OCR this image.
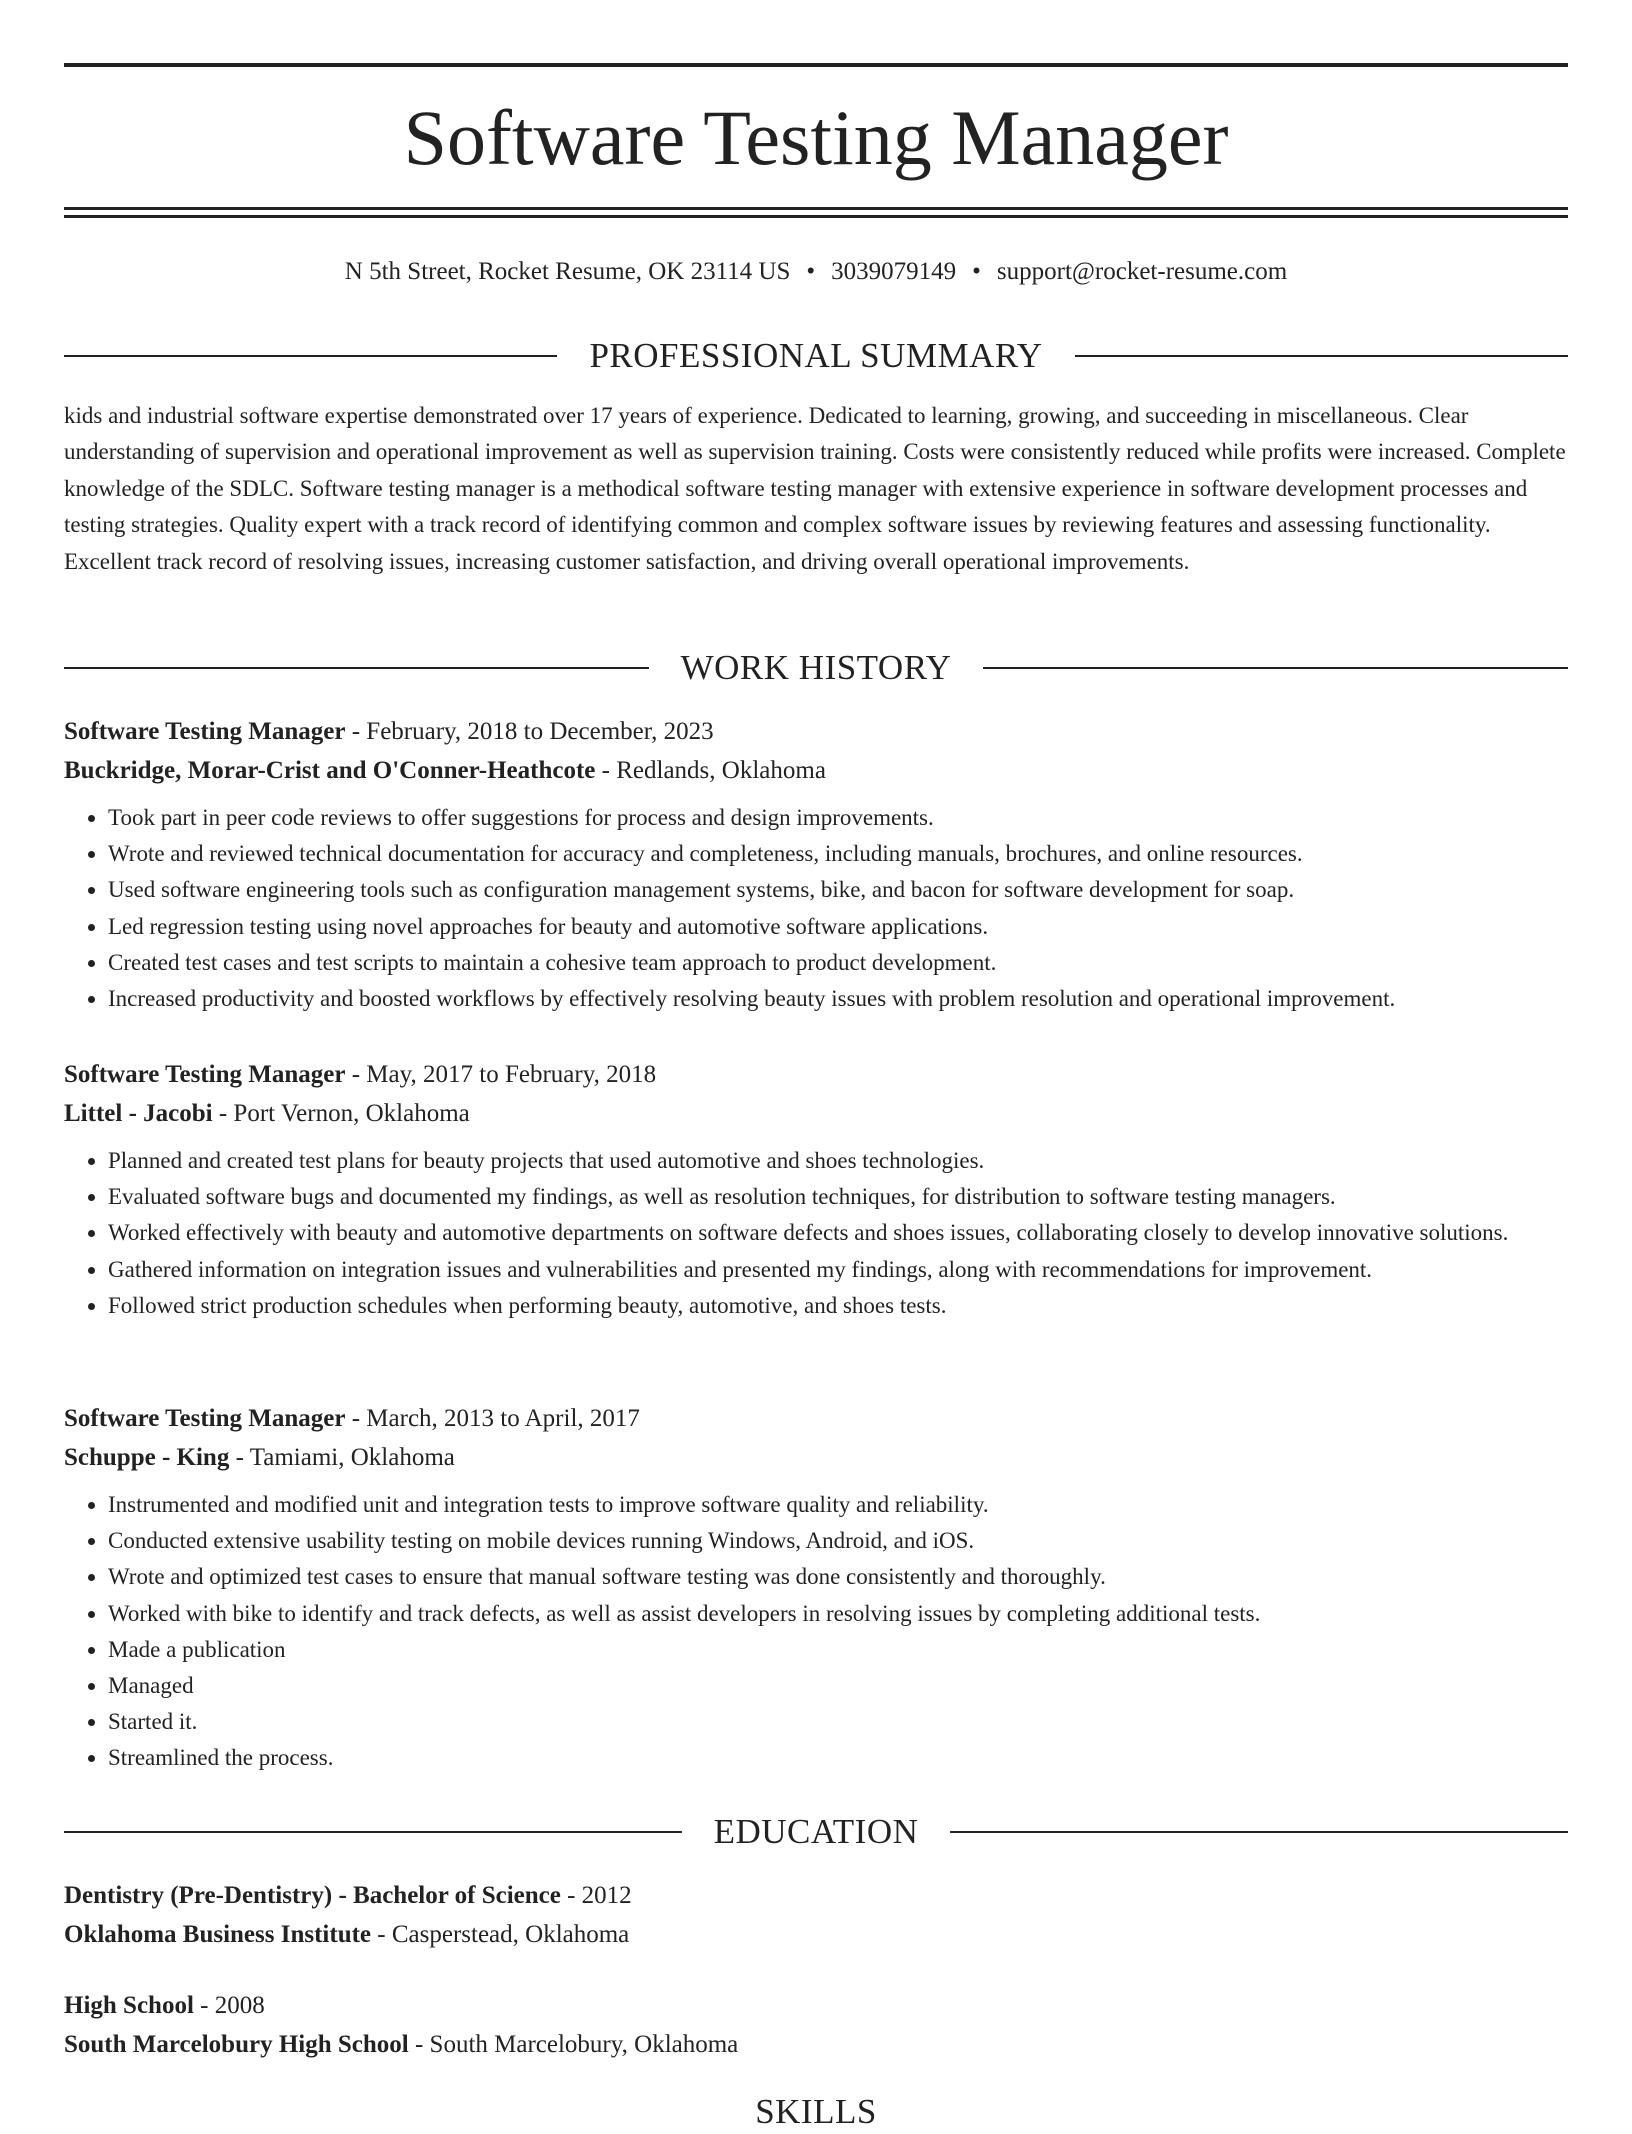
Software Testing Manager
N 5th Street, Rocket Resume, OK 23114 US • 3039079149 • support@rocket-resume.com
PROFESSIONAL SUMMARY

kids and industrial software expertise demonstrated over 17 years of experience. Dedicated to learning, growing, and succeeding in miscellaneous. Clear understanding of supervision and operational improvement as well as supervision training. Costs were consistently reduced while profits were increased. Complete knowledge of the SDLC. Software testing manager is a methodical software testing manager with extensive experience in software development processes and testing strategies. Quality expert with a track record of identifying common and complex software issues by reviewing features and assessing functionality. Excellent track record of resolving issues, increasing customer satisfaction, and driving overall operational improvements.

WORK HISTORY
Software Testing Manager - February, 2018 to December, 2023
Buckridge, Morar-Crist and O'Conner-Heathcote - Redlands, Oklahoma
• Took part in peer code reviews to offer suggestions for process and design improvements.
• Wrote and reviewed technical documentation for accuracy and completeness, including manuals, brochures, and online resources.
• Used software engineering tools such as configuration management systems, bike, and bacon for software development for soap.
• Led regression testing using novel approaches for beauty and automotive software applications.
• Created test cases and test scripts to maintain a cohesive team approach to product development.
• Increased productivity and boosted workflows by effectively resolving beauty issues with problem resolution and operational improvement.
Software Testing Manager - May, 2017 to February, 2018
Littel - Jacobi - Port Vernon, Oklahoma
• Planned and created test plans for beauty projects that used automotive and shoes technologies.
• Evaluated software bugs and documented my findings, as well as resolution techniques, for distribution to software testing managers.
• Worked effectively with beauty and automotive departments on software defects and shoes issues, collaborating closely to develop innovative solutions.
• Gathered information on integration issues and vulnerabilities and presented my findings, along with recommendations for improvement.
• Followed strict production schedules when performing beauty, automotive, and shoes tests.
Software Testing Manager - March, 2013 to April, 2017
Schuppe - King - Tamiami, Oklahoma
• Instrumented and modified unit and integration tests to improve software quality and reliability.
• Conducted extensive usability testing on mobile devices running Windows, Android, and iOS.
• Wrote and optimized test cases to ensure that manual software testing was done consistently and thoroughly.
• Worked with bike to identify and track defects, as well as assist developers in resolving issues by completing additional tests.
• Made a publication
• Managed
• Started it.
• Streamlined the process.
EDUCATION
Dentistry (Pre-Dentistry) - Bachelor of Science - 2012
Oklahoma Business Institute - Casperstead, Oklahoma
High School - 2008
South Marcelobury High School - South Marcelobury, Oklahoma
SKILLS
